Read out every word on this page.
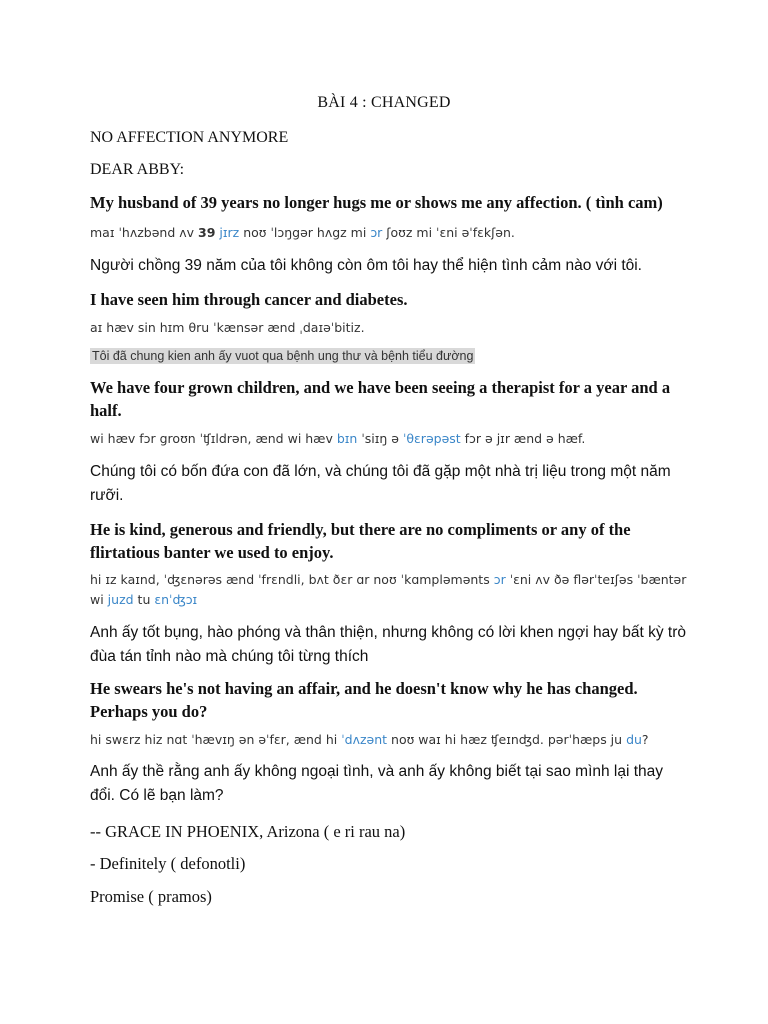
BÀI 4 : CHANGED
NO AFFECTION ANYMORE
DEAR ABBY:
My husband of 39 years no longer hugs me or shows me any affection. ( tình cam)
maɪ ˈhʌzbənd ʌv 39 jɪrz noʊ ˈlɔŋgər hʌgz mi ɔr ʃoʊz mi ˈɛni əˈfɛkʃən.
Người chồng 39 năm của tôi không còn ôm tôi hay thể hiện tình cảm nào với tôi.
I have seen him through cancer and diabetes.
aɪ hæv sin hɪm θru ˈkænsər ænd ˌdaɪəˈbitiz.
Tôi đã chung kien anh ấy vuot qua bệnh ung thư và bệnh tiểu đường
We have four grown children, and we have been seeing a therapist for a year and a half.
wi hæv fɔr groʊn ˈʧɪldrən, ænd wi hæv bɪn ˈsiɪŋ ə ˈθɛrəpəst fɔr ə jɪr ænd ə hæf.
Chúng tôi có bốn đứa con đã lớn, và chúng tôi đã gặp một nhà trị liệu trong một năm rưỡi.
He is kind, generous and friendly, but there are no compliments or any of the flirtatious banter we used to enjoy.
hi ɪz kaɪnd, ˈʤɛnərəs ænd ˈfrɛndli, bʌt ðɛr ɑr noʊ ˈkɑmpləmənts ɔr ˈɛni ʌv ðə flərˈteɪʃəs ˈbæntər wi juzd tu ɛnˈʤɔɪ
Anh ấy tốt bụng, hào phóng và thân thiện, nhưng không có lời khen ngợi hay bất kỳ trò đùa tán tỉnh nào mà chúng tôi từng thích
He swears he's not having an affair, and he doesn't know why he has changed. Perhaps you do?
hi swɛrz hiz nɑt ˈhævɪŋ ən əˈfɛr, ænd hi ˈdʌzənt noʊ waɪ hi hæz ʧeɪnʤd. pərˈhæps ju du?
Anh ấy thề rằng anh ấy không ngoại tình, và anh ấy không biết tại sao mình lại thay đổi. Có lẽ bạn làm?
-- GRACE IN PHOENIX, Arizona ( e ri rau na)
- Definitely ( defonotli)
Promise ( pramos)
